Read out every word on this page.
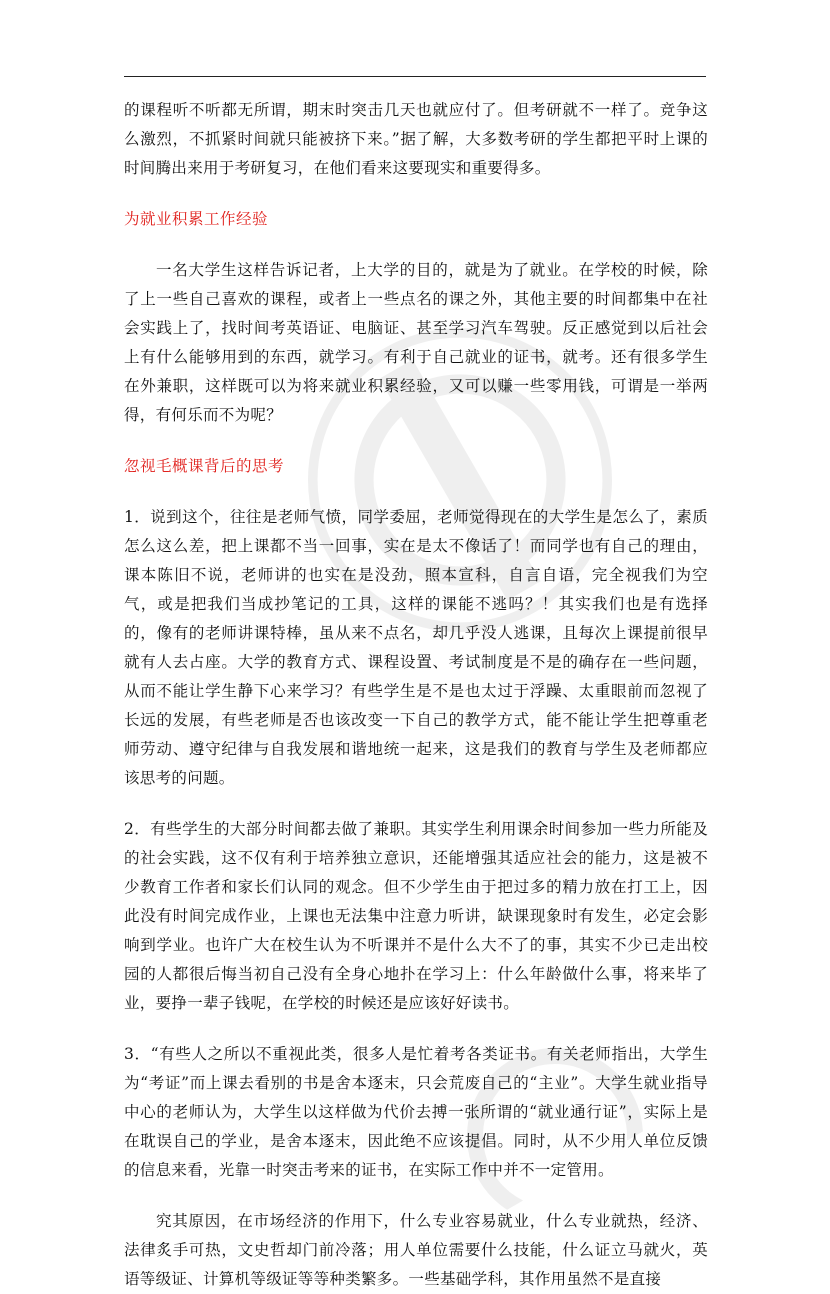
的课程听不听都无所谓，期末时突击几天也就应付了。但考研就不一样了。竞争这么激烈，不抓紧时间就只能被挤下来。”据了解，大多数考研的学生都把平时上课的时间腾出来用于考研复习，在他们看来这要现实和重要得多。

为就业积累工作经验

一名大学生这样告诉记者，上大学的目的，就是为了就业。在学校的时候，除了上一些自己喜欢的课程，或者上一些点名的课之外，其他主要的时间都集中在社会实践上了，找时间考英语证、电脑证、甚至学习汽车驾驶。反正感觉到以后社会上有什么能够用到的东西，就学习。有利于自己就业的证书，就考。还有很多学生在外兼职，这样既可以为将来就业积累经验，又可以赚一些零用钱，可谓是一举两得，有何乐而不为呢？

忽视毛概课背后的思考

1．说到这个，往往是老师气愤，同学委屈，老师觉得现在的大学生是怎么了，素质怎么这么差，把上课都不当一回事，实在是太不像话了！而同学也有自己的理由，课本陈旧不说，老师讲的也实在是没劲，照本宣科，自言自语，完全视我们为空气，或是把我们当成抄笔记的工具，这样的课能不逃吗？！其实我们也是有选择的，像有的老师讲课特棒，虽从来不点名，却几乎没人逃课，且每次上课提前很早就有人去占座。大学的教育方式、课程设置、考试制度是不是的确存在一些问题，从而不能让学生静下心来学习？有些学生是不是也太过于浮躁、太重眼前而忽视了长远的发展，有些老师是否也该改变一下自己的教学方式，能不能让学生把尊重老师劳动、遵守纪律与自我发展和谐地统一起来，这是我们的教育与学生及老师都应该思考的问题。

2．有些学生的大部分时间都去做了兼职。其实学生利用课余时间参加一些力所能及的社会实践，这不仅有利于培养独立意识，还能增强其适应社会的能力，这是被不少教育工作者和家长们认同的观念。但不少学生由于把过多的精力放在打工上，因此没有时间完成作业，上课也无法集中注意力听讲，缺课现象时有发生，必定会影响到学业。也许广大在校生认为不听课并不是什么大不了的事，其实不少已走出校园的人都很后悔当初自己没有全身心地扑在学习上：什么年龄做什么事，将来毕了业，要挣一辈子钱呢，在学校的时候还是应该好好读书。

3．“有些人之所以不重视此类，很多人是忙着考各类证书。有关老师指出，大学生为“考证”而上课去看别的书是舍本逐末，只会荒废自己的“主业”。大学生就业指导中心的老师认为，大学生以这样做为代价去搏一张所谓的“就业通行证”，实际上是在耽误自己的学业，是舍本逐末，因此绝不应该提倡。同时，从不少用人单位反馈的信息来看，光靠一时突击考来的证书，在实际工作中并不一定管用。

究其原因，在市场经济的作用下，什么专业容易就业，什么专业就热，经济、法律炙手可热，文史哲却门前冷落；用人单位需要什么技能，什么证立马就火，英语等级证、计算机等级证等等种类繁多。一些基础学科，其作用虽然不是直接
